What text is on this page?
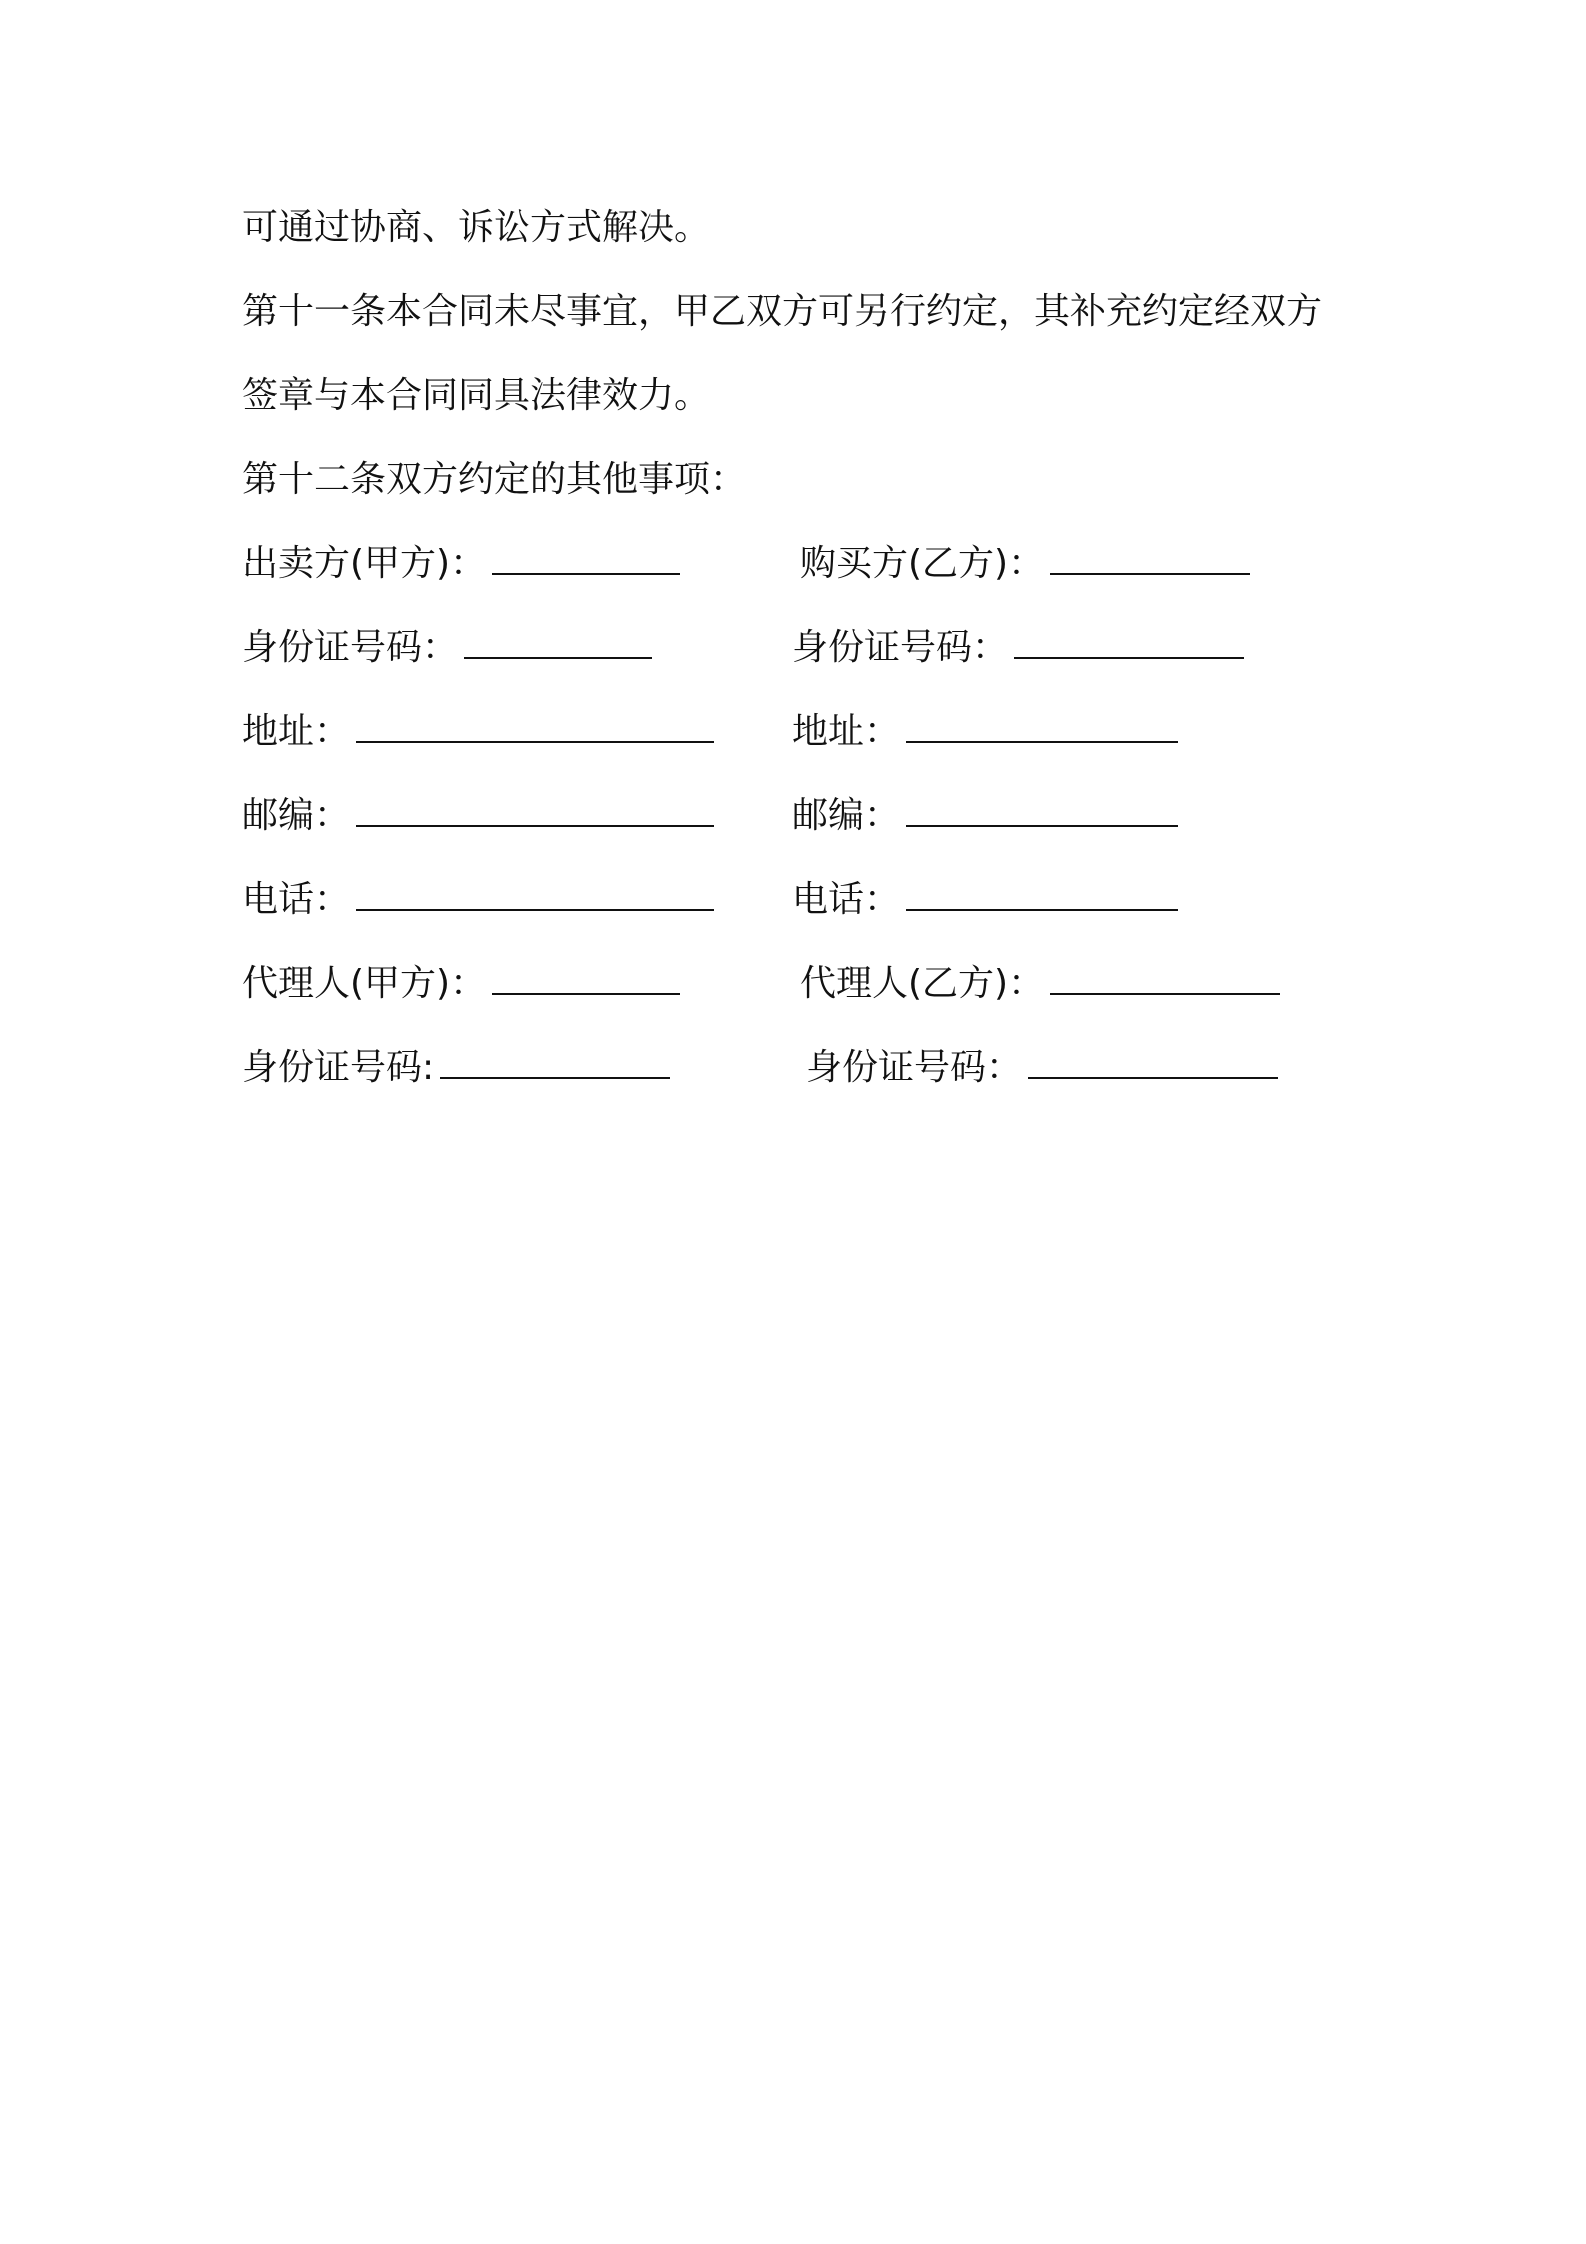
可通过协商、诉讼方式解决。
第十一条本合同未尽事宜，甲乙双方可另行约定，其补充约定经双方
签章与本合同同具法律效力。
第十二条双方约定的其他事项：
出卖方(甲方)：	购买方(乙方)：
身份证号码：	身份证号码：
地址：	地址：
邮编：	邮编：
电话：	电话：
代理人(甲方)：	代理人(乙方)：
身份证号码:	身份证号码：
